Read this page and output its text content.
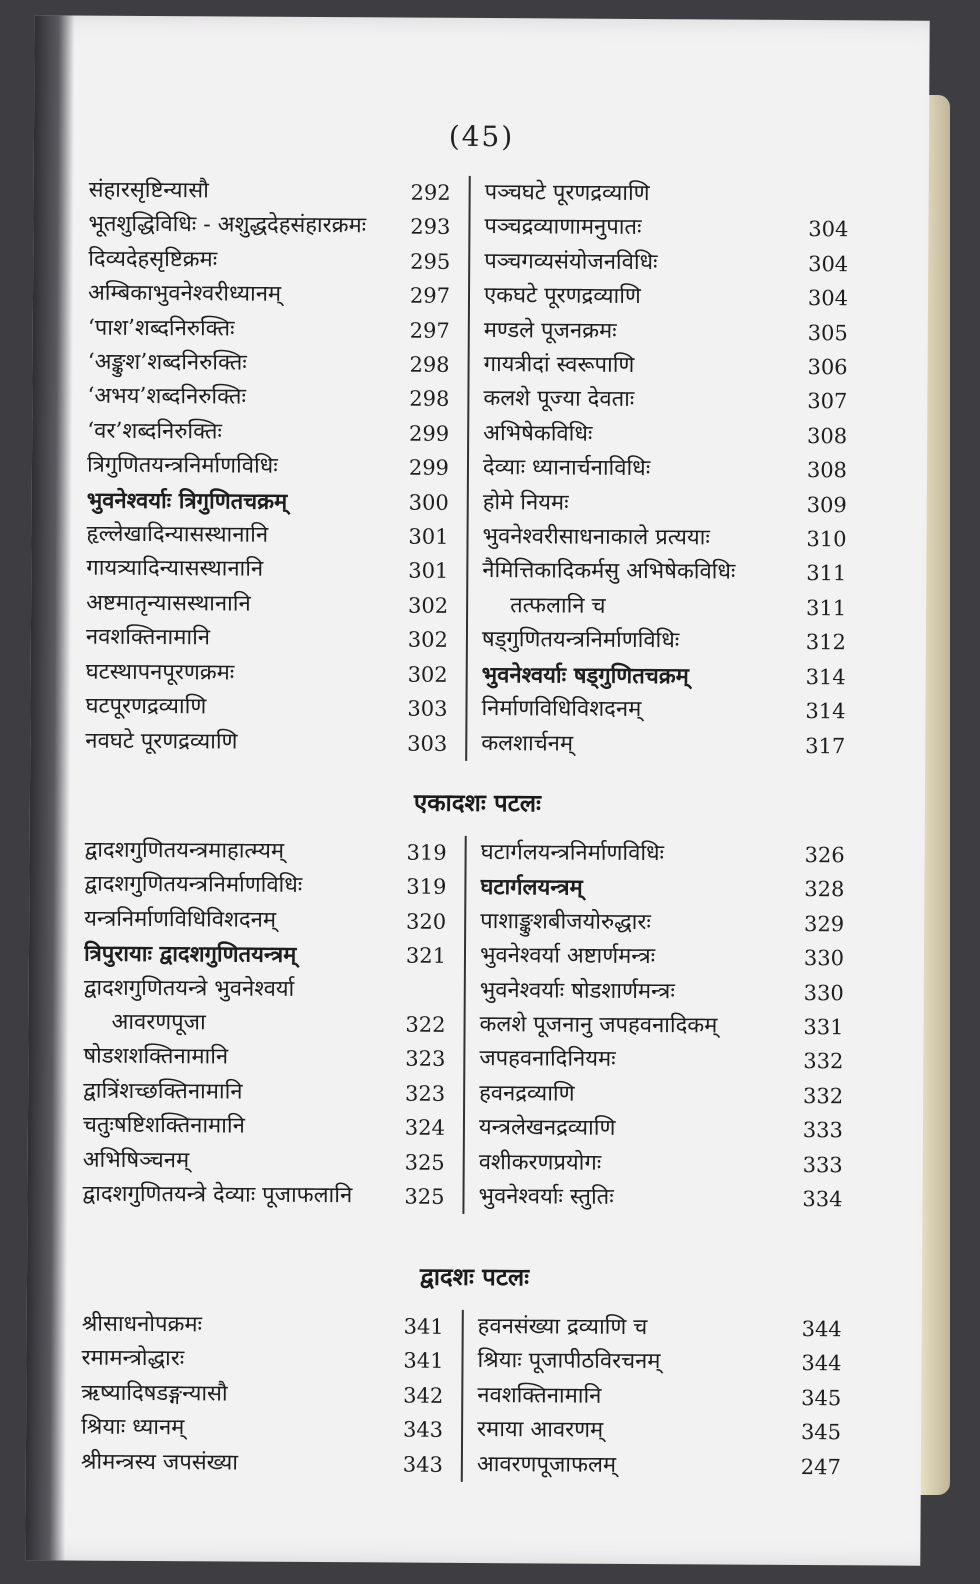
(45)
संहारसृष्टिन्यासौ	292
भूतशुद्धिविधिः - अशुद्धदेहसंहारक्रमः	293
दिव्यदेहसृष्टिक्रमः	295
अम्बिकाभुवनेश्वरीध्यानम्	297
‘पाश’शब्दनिरुक्तिः	297
‘अङ्कुश’शब्दनिरुक्तिः	298
‘अभय’शब्दनिरुक्तिः	298
‘वर’शब्दनिरुक्तिः	299
त्रिगुणितयन्त्रनिर्माणविधिः	299
भुवनेश्वर्याः त्रिगुणितचक्रम्	300
हृल्लेखादिन्यासस्थानानि	301
गायत्र्यादिन्यासस्थानानि	301
अष्टमातृन्यासस्थानानि	302
नवशक्तिनामानि	302
घटस्थापनपूरणक्रमः	302
घटपूरणद्रव्याणि	303
नवघटे पूरणद्रव्याणि	303
पञ्चघटे पूरणद्रव्याणि
पञ्चद्रव्याणामनुपातः	304
पञ्चगव्यसंयोजनविधिः	304
एकघटे पूरणद्रव्याणि	304
मण्डले पूजनक्रमः	305
गायत्रीदां स्वरूपाणि	306
कलशे पूज्या देवताः	307
अभिषेकविधिः	308
देव्याः ध्यानार्चनाविधिः	308
होमे नियमः	309
भुवनेश्वरीसाधनाकाले प्रत्ययाः	310
नैमित्तिकादिकर्मसु अभिषेकविधिः	311
तत्फलानि च	311
षड्गुणितयन्त्रनिर्माणविधिः	312
भुवनेश्वर्याः षड्गुणितचक्रम्	314
निर्माणविधिविशदनम्	314
कलशार्चनम्	317
एकादशः पटलः
द्वादशगुणितयन्त्रमाहात्म्यम्	319
द्वादशगुणितयन्त्रनिर्माणविधिः	319
यन्त्रनिर्माणविधिविशदनम्	320
त्रिपुरायाः द्वादशगुणितयन्त्रम्	321
द्वादशगुणितयन्त्रे भुवनेश्वर्या
आवरणपूजा	322
षोडशशक्तिनामानि	323
द्वात्रिंशच्छक्तिनामानि	323
चतुःषष्टिशक्तिनामानि	324
अभिषिञ्चनम्	325
द्वादशगुणितयन्त्रे देव्याः पूजाफलानि	325
घटार्गलयन्त्रनिर्माणविधिः	326
घटार्गलयन्त्रम्	328
पाशाङ्कुशबीजयोरुद्धारः	329
भुवनेश्वर्या अष्टार्णमन्त्रः	330
भुवनेश्वर्याः षोडशार्णमन्त्रः	330
कलशे पूजनानु जपहवनादिकम्	331
जपहवनादिनियमः	332
हवनद्रव्याणि	332
यन्त्रलेखनद्रव्याणि	333
वशीकरणप्रयोगः	333
भुवनेश्वर्याः स्तुतिः	334
द्वादशः पटलः
श्रीसाधनोपक्रमः	341
रमामन्त्रोद्धारः	341
ऋष्यादिषडङ्गन्यासौ	342
श्रियाः ध्यानम्	343
श्रीमन्त्रस्य जपसंख्या	343
हवनसंख्या द्रव्याणि च	344
श्रियाः पूजापीठविरचनम्	344
नवशक्तिनामानि	345
रमाया आवरणम्	345
आवरणपूजाफलम्	247
